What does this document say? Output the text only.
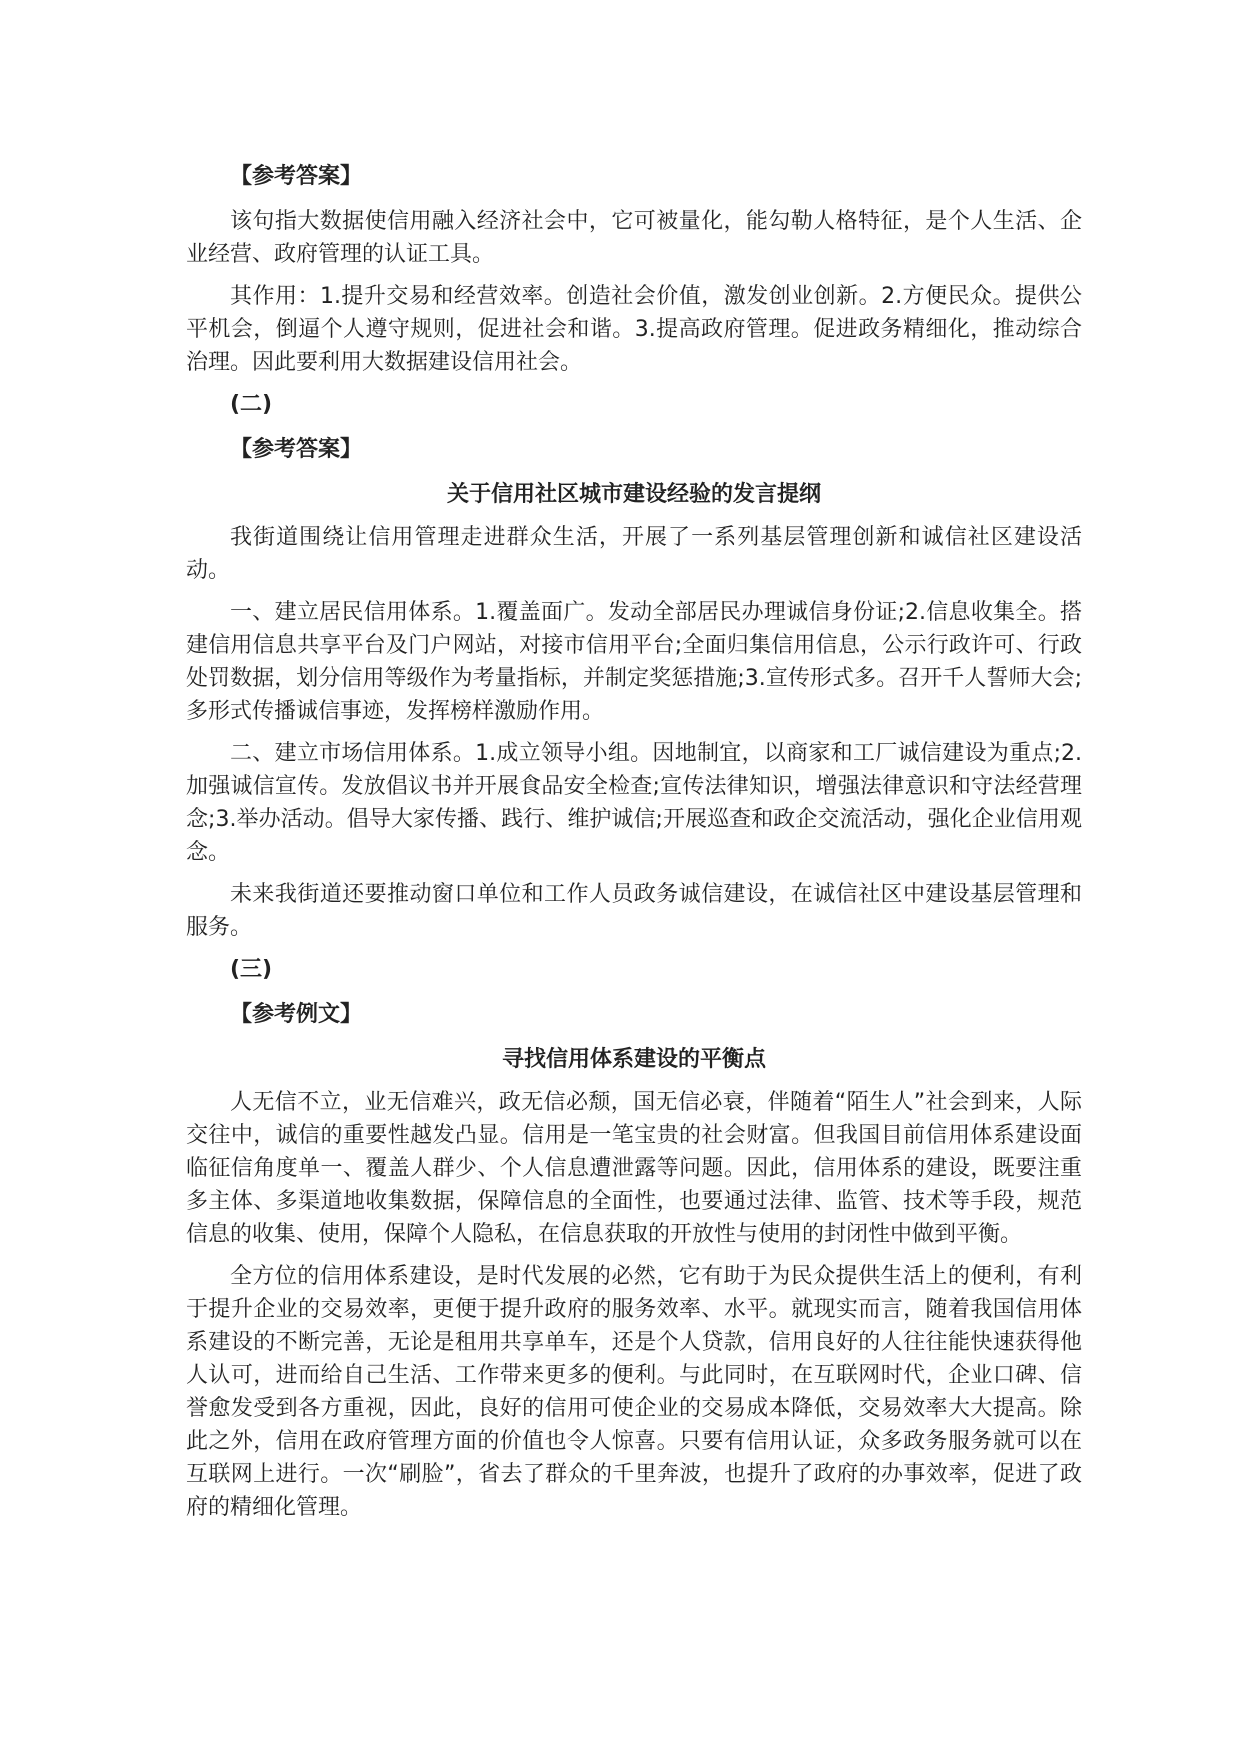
【参考答案】

该句指大数据使信用融入经济社会中，它可被量化，能勾勒人格特征，是个人生活、企业经营、政府管理的认证工具。

其作用：1.提升交易和经营效率。创造社会价值，激发创业创新。2.方便民众。提供公平机会，倒逼个人遵守规则，促进社会和谐。3.提高政府管理。促进政务精细化，推动综合治理。因此要利用大数据建设信用社会。

(二)

【参考答案】

关于信用社区城市建设经验的发言提纲

我街道围绕让信用管理走进群众生活，开展了一系列基层管理创新和诚信社区建设活动。

一、建立居民信用体系。1.覆盖面广。发动全部居民办理诚信身份证;2.信息收集全。搭建信用信息共享平台及门户网站，对接市信用平台;全面归集信用信息，公示行政许可、行政处罚数据，划分信用等级作为考量指标，并制定奖惩措施;3.宣传形式多。召开千人誓师大会;多形式传播诚信事迹，发挥榜样激励作用。

二、建立市场信用体系。1.成立领导小组。因地制宜，以商家和工厂诚信建设为重点;2.加强诚信宣传。发放倡议书并开展食品安全检查;宣传法律知识，增强法律意识和守法经营理念;3.举办活动。倡导大家传播、践行、维护诚信;开展巡查和政企交流活动，强化企业信用观念。

未来我街道还要推动窗口单位和工作人员政务诚信建设，在诚信社区中建设基层管理和服务。

(三)

【参考例文】

寻找信用体系建设的平衡点

人无信不立，业无信难兴，政无信必颓，国无信必衰，伴随着“陌生人”社会到来，人际交往中，诚信的重要性越发凸显。信用是一笔宝贵的社会财富。但我国目前信用体系建设面临征信角度单一、覆盖人群少、个人信息遭泄露等问题。因此，信用体系的建设，既要注重多主体、多渠道地收集数据，保障信息的全面性，也要通过法律、监管、技术等手段，规范信息的收集、使用，保障个人隐私，在信息获取的开放性与使用的封闭性中做到平衡。

全方位的信用体系建设，是时代发展的必然，它有助于为民众提供生活上的便利，有利于提升企业的交易效率，更便于提升政府的服务效率、水平。就现实而言，随着我国信用体系建设的不断完善，无论是租用共享单车，还是个人贷款，信用良好的人往往能快速获得他人认可，进而给自己生活、工作带来更多的便利。与此同时，在互联网时代，企业口碑、信誉愈发受到各方重视，因此，良好的信用可使企业的交易成本降低，交易效率大大提高。除此之外，信用在政府管理方面的价值也令人惊喜。只要有信用认证，众多政务服务就可以在互联网上进行。一次“刷脸”，省去了群众的千里奔波，也提升了政府的办事效率，促进了政府的精细化管理。
